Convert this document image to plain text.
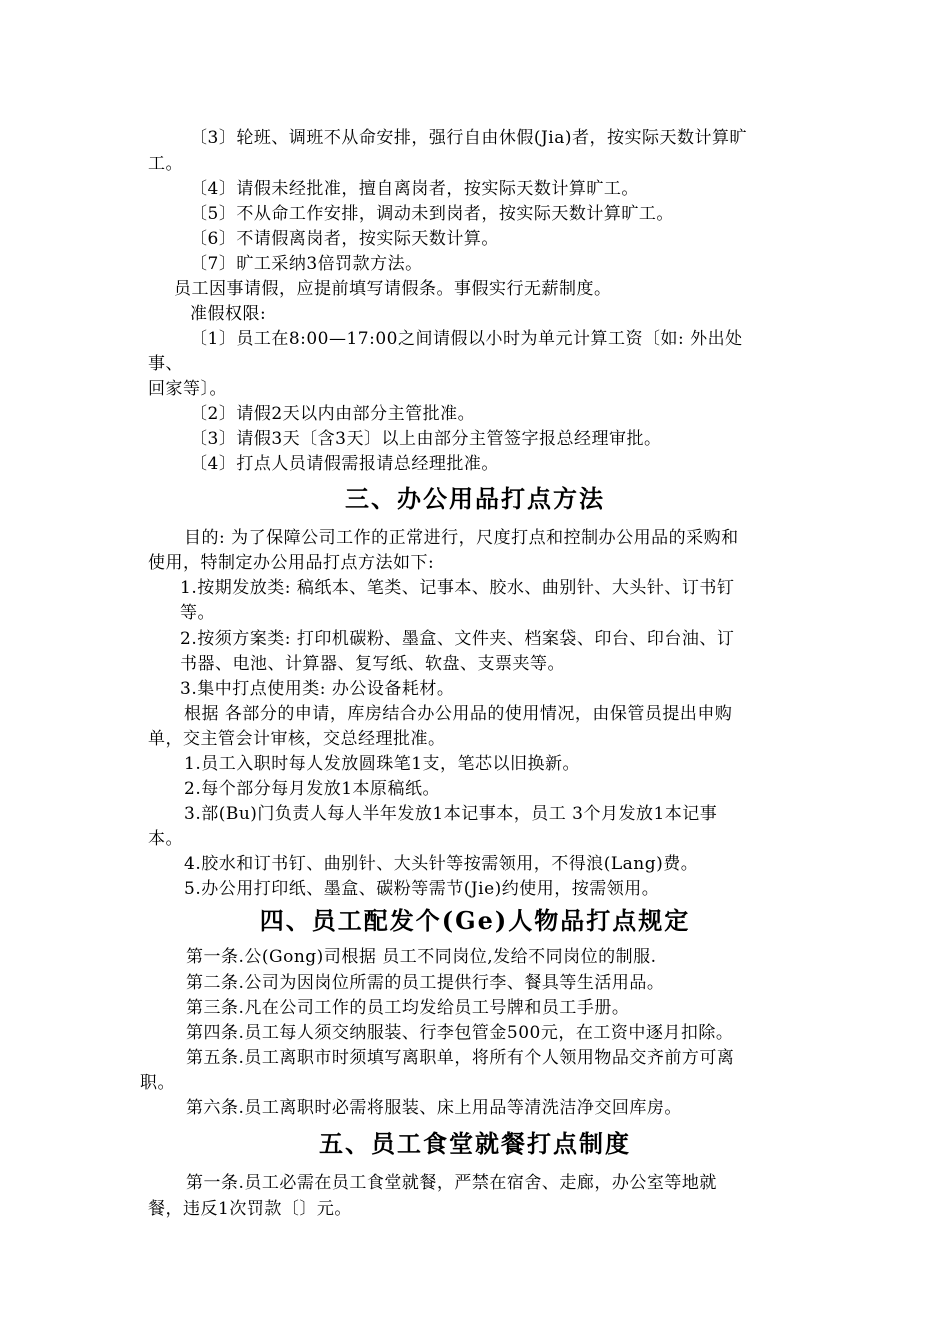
〔3〕轮班、调班不从命安排，强行自由休假(Jia)者，按实际天数计算旷
工。
〔4〕请假未经批准，擅自离岗者，按实际天数计算旷工。
〔5〕不从命工作安排，调动未到岗者，按实际天数计算旷工。
〔6〕不请假离岗者，按实际天数计算。
〔7〕旷工采纳3倍罚款方法。
员工因事请假，应提前填写请假条。事假实行无薪制度。
准假权限:
〔1〕员工在8:00—17:00之间请假以小时为单元计算工资〔如: 外出处
事、
回家等〕。
〔2〕请假2天以内由部分主管批准。
〔3〕请假3天〔含3天〕以上由部分主管签字报总经理审批。
〔4〕打点人员请假需报请总经理批准。
三、办公用品打点方法
目的: 为了保障公司工作的正常进行，尺度打点和控制办公用品的采购和
使用，特制定办公用品打点方法如下:
1.按期发放类: 稿纸本、笔类、记事本、胶水、曲别针、大头针、订书钉
等。
2.按须方案类: 打印机碳粉、墨盒、文件夹、档案袋、印台、印台油、订
书器、电池、计算器、复写纸、软盘、支票夹等。
3.集中打点使用类: 办公设备耗材。
根据 各部分的申请，库房结合办公用品的使用情况，由保管员提出申购
单，交主管会计审核，交总经理批准。
1.员工入职时每人发放圆珠笔1支，笔芯以旧换新。
2.每个部分每月发放1本原稿纸。
3.部(Bu)门负责人每人半年发放1本记事本，员工 3个月发放1本记事
本。
4.胶水和订书钉、曲别针、大头针等按需领用，不得浪(Lang)费。
5.办公用打印纸、墨盒、碳粉等需节(Jie)约使用，按需领用。
四、员工配发个(Ge)人物品打点规定
第一条.公(Gong)司根据 员工不同岗位,发给不同岗位的制服.
第二条.公司为因岗位所需的员工提供行李、餐具等生活用品。
第三条.凡在公司工作的员工均发给员工号牌和员工手册。
第四条.员工每人须交纳服装、行李包管金500元，在工资中逐月扣除。
第五条.员工离职市时须填写离职单，将所有个人领用物品交齐前方可离
职。
第六条.员工离职时必需将服装、床上用品等清洗洁净交回库房。
五、员工食堂就餐打点制度
第一条.员工必需在员工食堂就餐，严禁在宿舍、走廊，办公室等地就
餐，违反1次罚款〔〕元。
